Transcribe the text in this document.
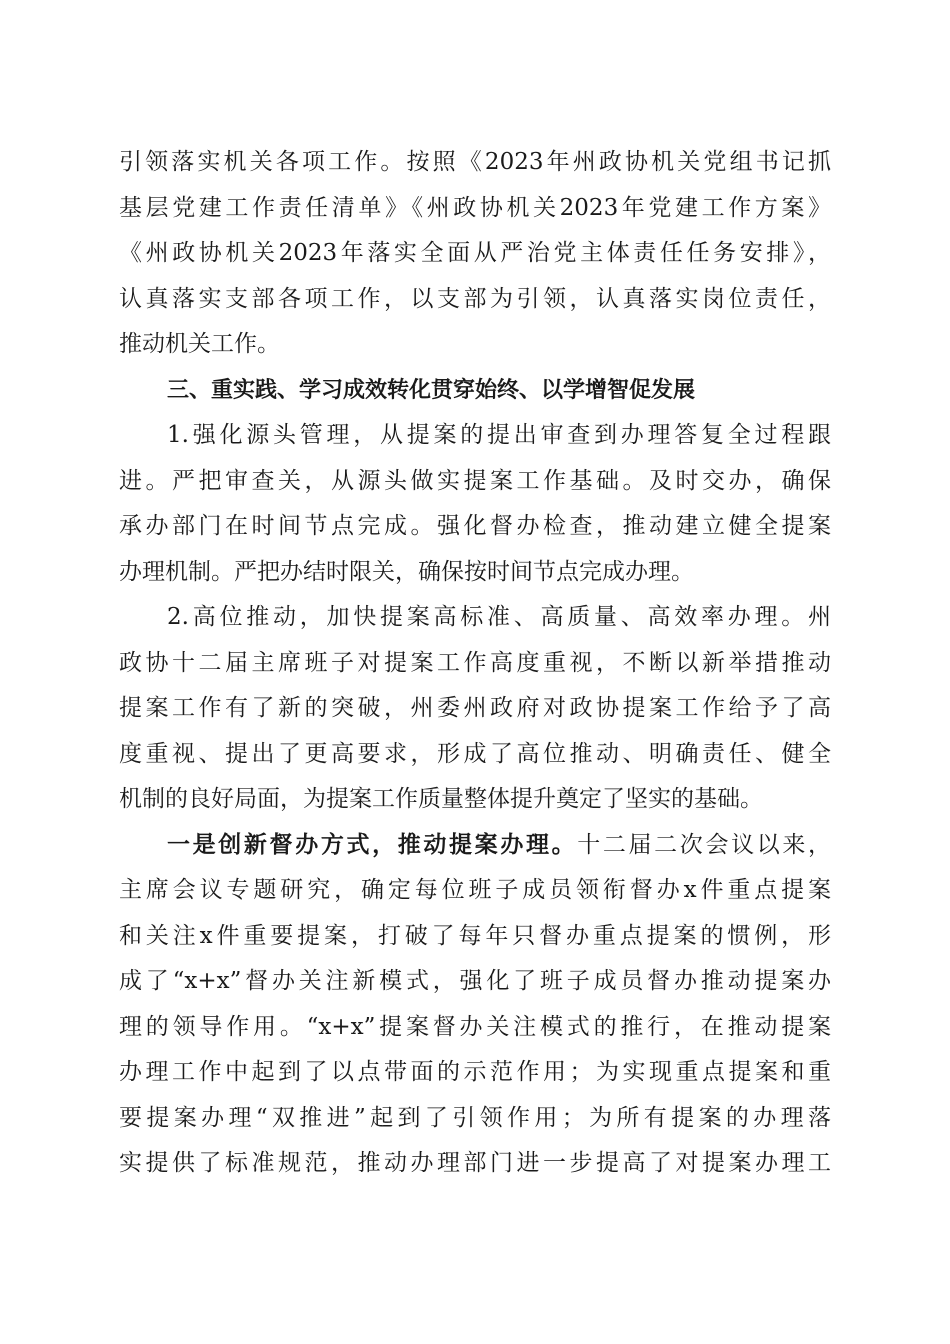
引领落实机关各项工作。按照《2023年州政协机关党组书记抓
基层党建工作责任清单》《州政协机关2023年党建工作方案》
《州政协机关2023年落实全面从严治党主体责任任务安排》，
认真落实支部各项工作，以支部为引领，认真落实岗位责任，
推动机关工作。
三、重实践、学习成效转化贯穿始终、以学增智促发展
1.强化源头管理，从提案的提出审查到办理答复全过程跟
进。严把审查关，从源头做实提案工作基础。及时交办，确保
承办部门在时间节点完成。强化督办检查，推动建立健全提案
办理机制。严把办结时限关，确保按时间节点完成办理。
2.高位推动，加快提案高标准、高质量、高效率办理。州
政协十二届主席班子对提案工作高度重视，不断以新举措推动
提案工作有了新的突破，州委州政府对政协提案工作给予了高
度重视、提出了更高要求，形成了高位推动、明确责任、健全
机制的良好局面，为提案工作质量整体提升奠定了坚实的基础。
一是创新督办方式，推动提案办理。十二届二次会议以来，
主席会议专题研究，确定每位班子成员领衔督办x件重点提案
和关注x件重要提案，打破了每年只督办重点提案的惯例，形
成了“x+x”督办关注新模式，强化了班子成员督办推动提案办
理的领导作用。“x+x”提案督办关注模式的推行，在推动提案
办理工作中起到了以点带面的示范作用；为实现重点提案和重
要提案办理“双推进”起到了引领作用；为所有提案的办理落
实提供了标准规范，推动办理部门进一步提高了对提案办理工
